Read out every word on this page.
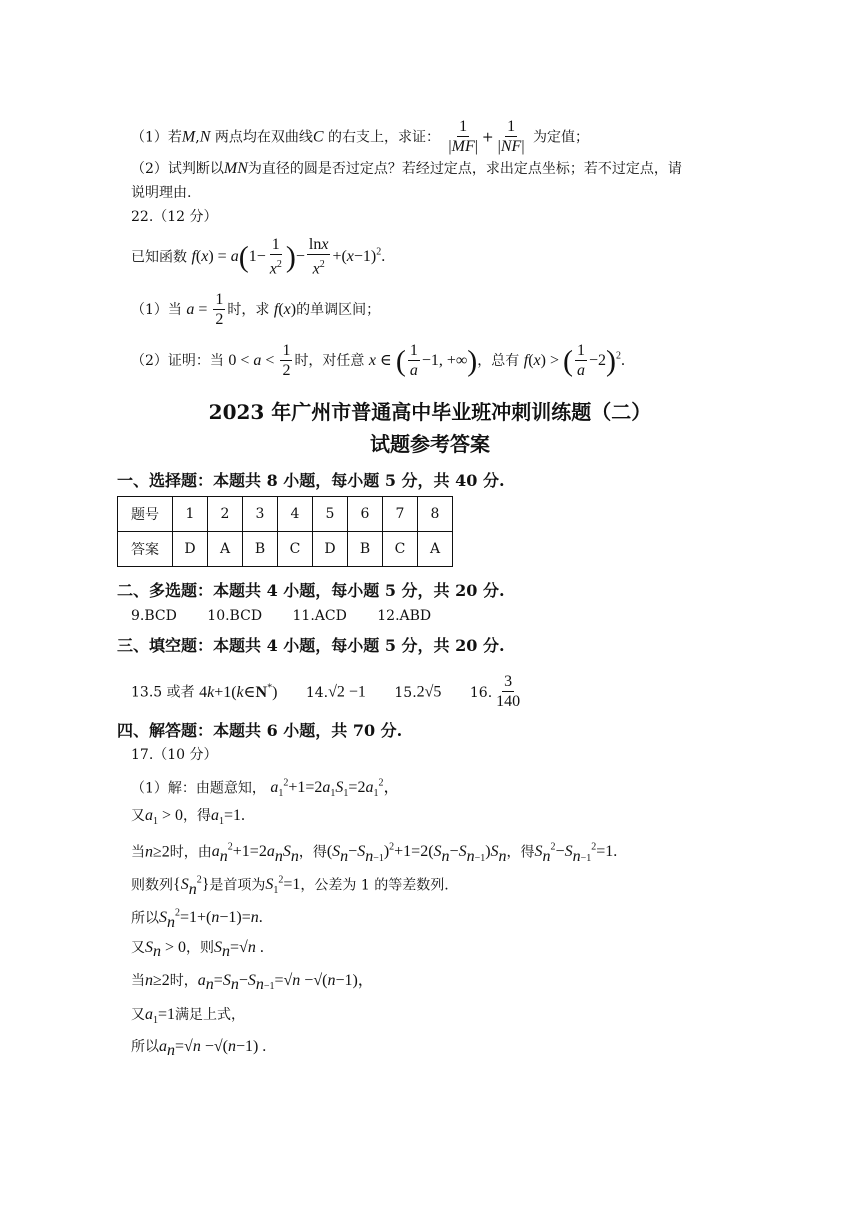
（1）若M,N 两点均在双曲线C 的右支上，求证： $\frac{1}{|MF|} + \frac{1}{|NF|}$ 为定值；
（2）试判断以MN为直径的圆是否过定点？若经过定点，求出定点坐标；若不过定点，请
说明理由.
22.（12 分）
已知函数 $f(x) = a(1- \frac{1}{x^2}$ )− $\frac{\ln x}{x^2} +(x-1)^2$.
（1）当 $a = \frac{1}{2}$ 时，求 f(x)的单调区间；
（2）证明：当 $0 < a < \frac{1}{2}$ 时，对任意 x ∈ ( $\frac{1}{a} -1$, +∞)，总有 f(x) > ( $\frac{1}{a} -2)^2$.
2023 年广州市普通高中毕业班冲刺训练题（二）
试题参考答案
一、选择题：本题共 8 小题，每小题 5 分，共 40 分.
题号	1	2	3	4	5	6	7	8
答案	D	A	B	C	D	B	C	A
二、多选题：本题共 4 小题，每小题 5 分，共 20 分.
9.BCD 10.BCD 11.ACD 12.ABD
三、填空题：本题共 4 小题，每小题 5 分，共 20 分.
13.5 或者 4k+1(k∈N*) 14.√2 −1 15.2√5 16. $\frac{3}{140}$
四、解答题：本题共 6 小题，共 70 分.
17.（10 分）
（1）解：由题意知， $a_1^2+1=2a_1S_1=2a_1^2$，
又$a_1 > 0$，得$a_1=1$.
当n≥2时，由$a_n^2+1=2a_nS_n$，得$(S_n-S_{n-1})^2+1=2(S_n-S_{n-1})S_n$，得$S_n^2-S_{n-1}^2=1$.
则数列$\{S_n^2\}$是首项为$S_1^2=1$，公差为 1 的等差数列.
所以$S_n^2=1+(n-1)=n$.
又$S_n > 0$，则$S_n=√n$ .
当n≥2时，$a_n=S_n-S_{n-1}=√n -√(n-1)$，
又$a_1=1$满足上式，
所以$a_n=√n -√(n-1)$ .
